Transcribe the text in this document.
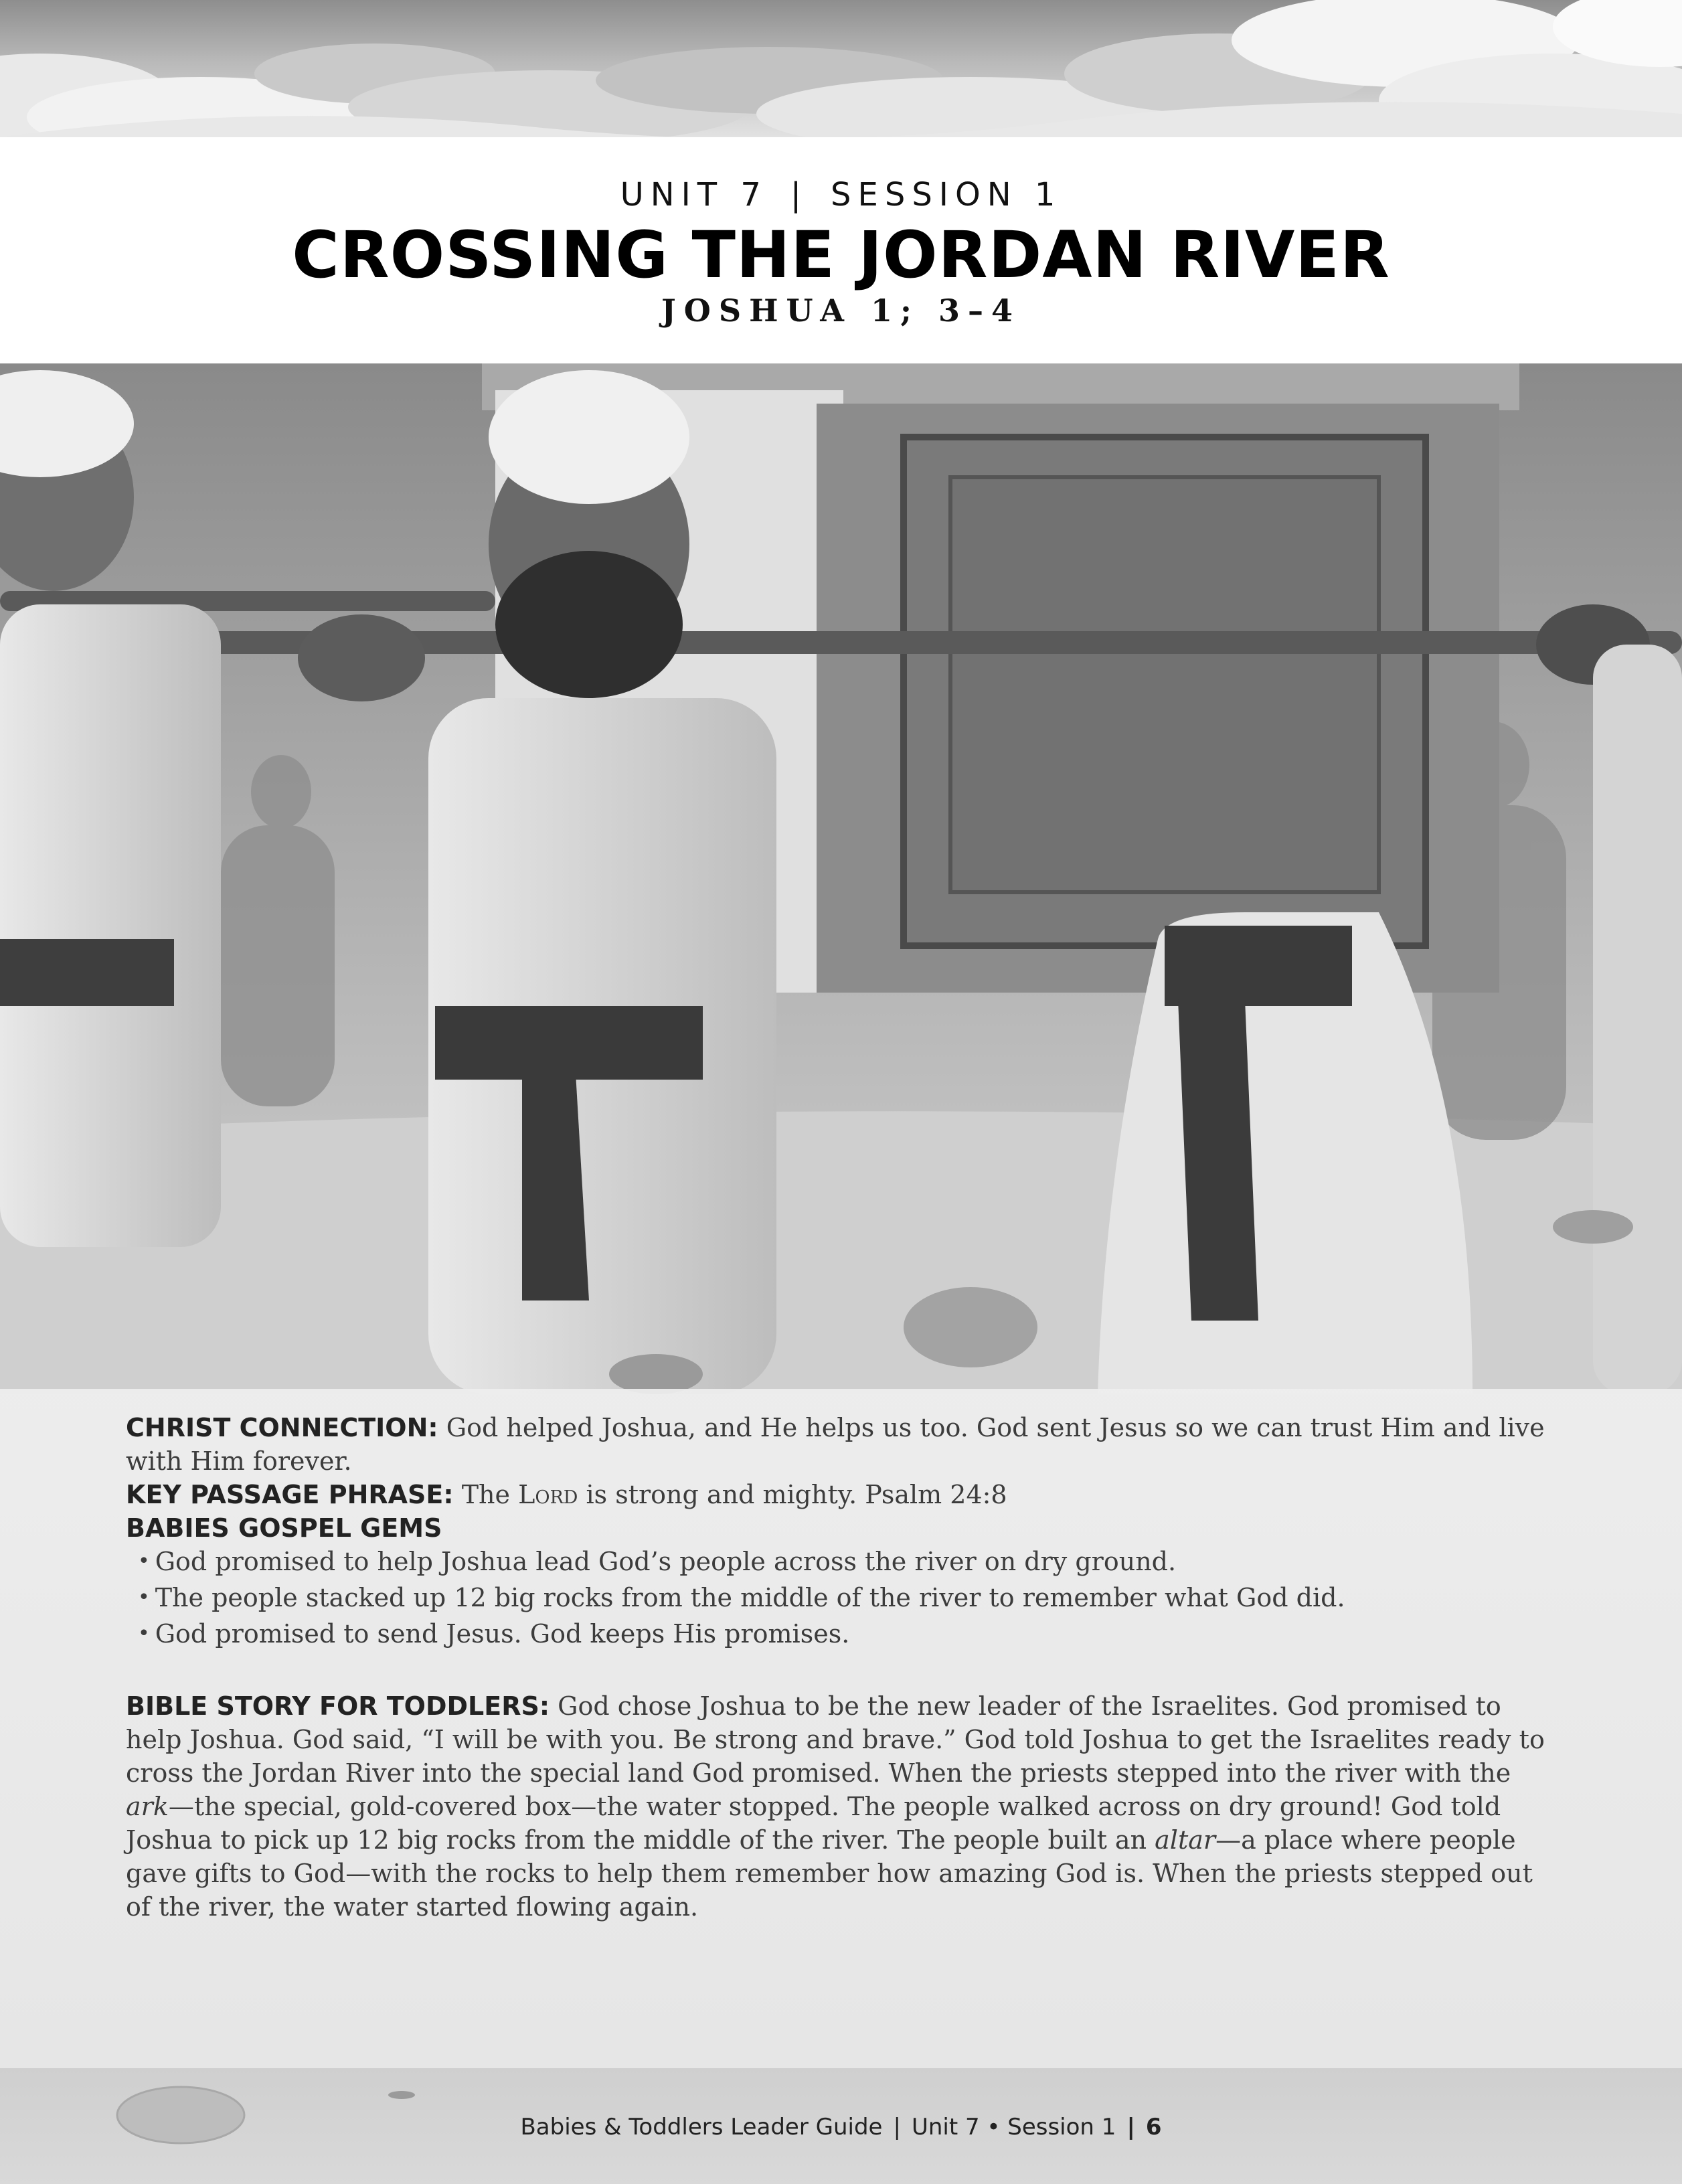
UNIT 7 | SESSION 1
CROSSING THE JORDAN RIVER
JOSHUA 1; 3–4

CHRIST CONNECTION: God helped Joshua, and He helps us too. God sent Jesus so we can trust Him and live with Him forever.

KEY PASSAGE PHRASE: The Lord is strong and mighty. Psalm 24:8

BABIES GOSPEL GEMS

• God promised to help Joshua lead God’s people across the river on dry ground.
• The people stacked up 12 big rocks from the middle of the river to remember what God did.
• God promised to send Jesus. God keeps His promises.

BIBLE STORY FOR TODDLERS: God chose Joshua to be the new leader of the Israelites. God promised to help Joshua. God said, “I will be with you. Be strong and brave.” God told Joshua to get the Israelites ready to cross the Jordan River into the special land God promised. When the priests stepped into the river with the ark—the special, gold-covered box—the water stopped. The people walked across on dry ground! God told Joshua to pick up 12 big rocks from the middle of the river. The people built an altar—a place where people gave gifts to God—with the rocks to help them remember how amazing God is. When the priests stepped out of the river, the water started flowing again.

Babies & Toddlers Leader Guide | Unit 7 • Session 1 | 6
